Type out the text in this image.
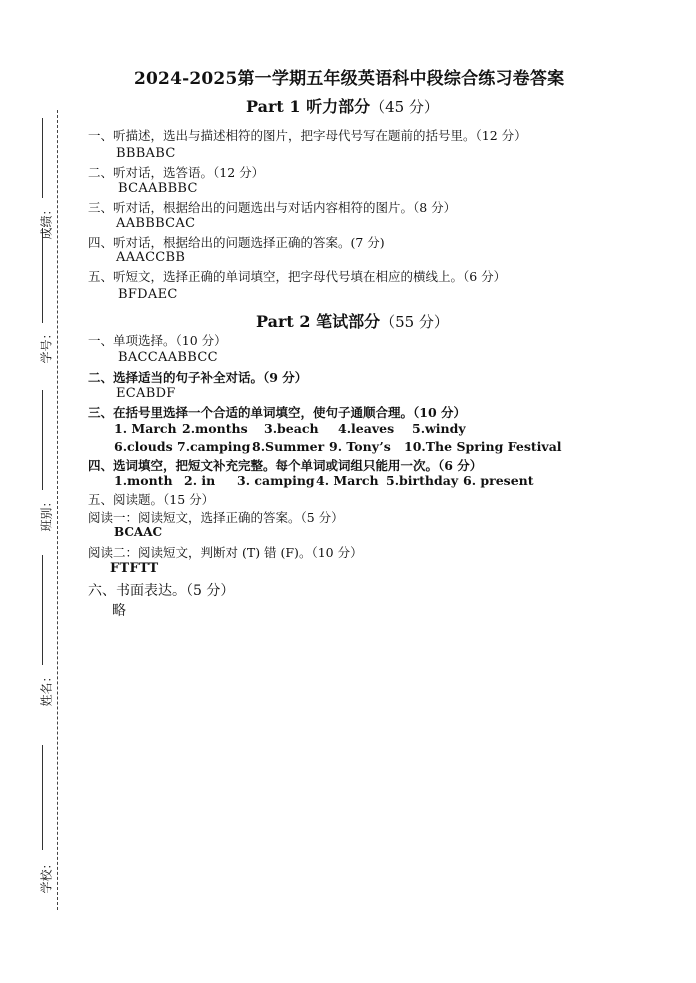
学校：
姓名：
班别：
学号：
成绩：
2024-2025第一学期五年级英语科中段综合练习卷答案
Part 1 听力部分（45 分）
一、听描述，选出与描述相符的图片，把字母代号写在题前的括号里。（12 分）
BBBABC
二、听对话，选答语。（12 分）
BCAABBBC
三、听对话，根据给出的问题选出与对话内容相符的图片。（8 分）
AABBBCAC
四、听对话，根据给出的问题选择正确的答案。(7 分)
AAACCBB
五、听短文，选择正确的单词填空，把字母代号填在相应的横线上。（6 分）
BFDAEC
Part 2 笔试部分（55 分）
一、单项选择。（10 分）
BACCAABBCC
二、选择适当的句子补全对话。（9 分）
ECABDF
三、在括号里选择一个合适的单词填空，使句子通顺合理。（10 分）
1. March 2.months 3.beach 4.leaves 5.windy
6.clouds 7.camping 8.Summer 9. Tony’s 10.The Spring Festival
四、选词填空，把短文补充完整。每个单词或词组只能用一次。（6 分）
1.month 2. in 3. camping4. March 5.birthday 6. present
五、阅读题。（15 分）
阅读一：阅读短文，选择正确的答案。（5 分）
BCAAC
阅读二：阅读短文，判断对 (T) 错 (F)。（10 分）
FTFTT
六、书面表达。（5 分）
略
